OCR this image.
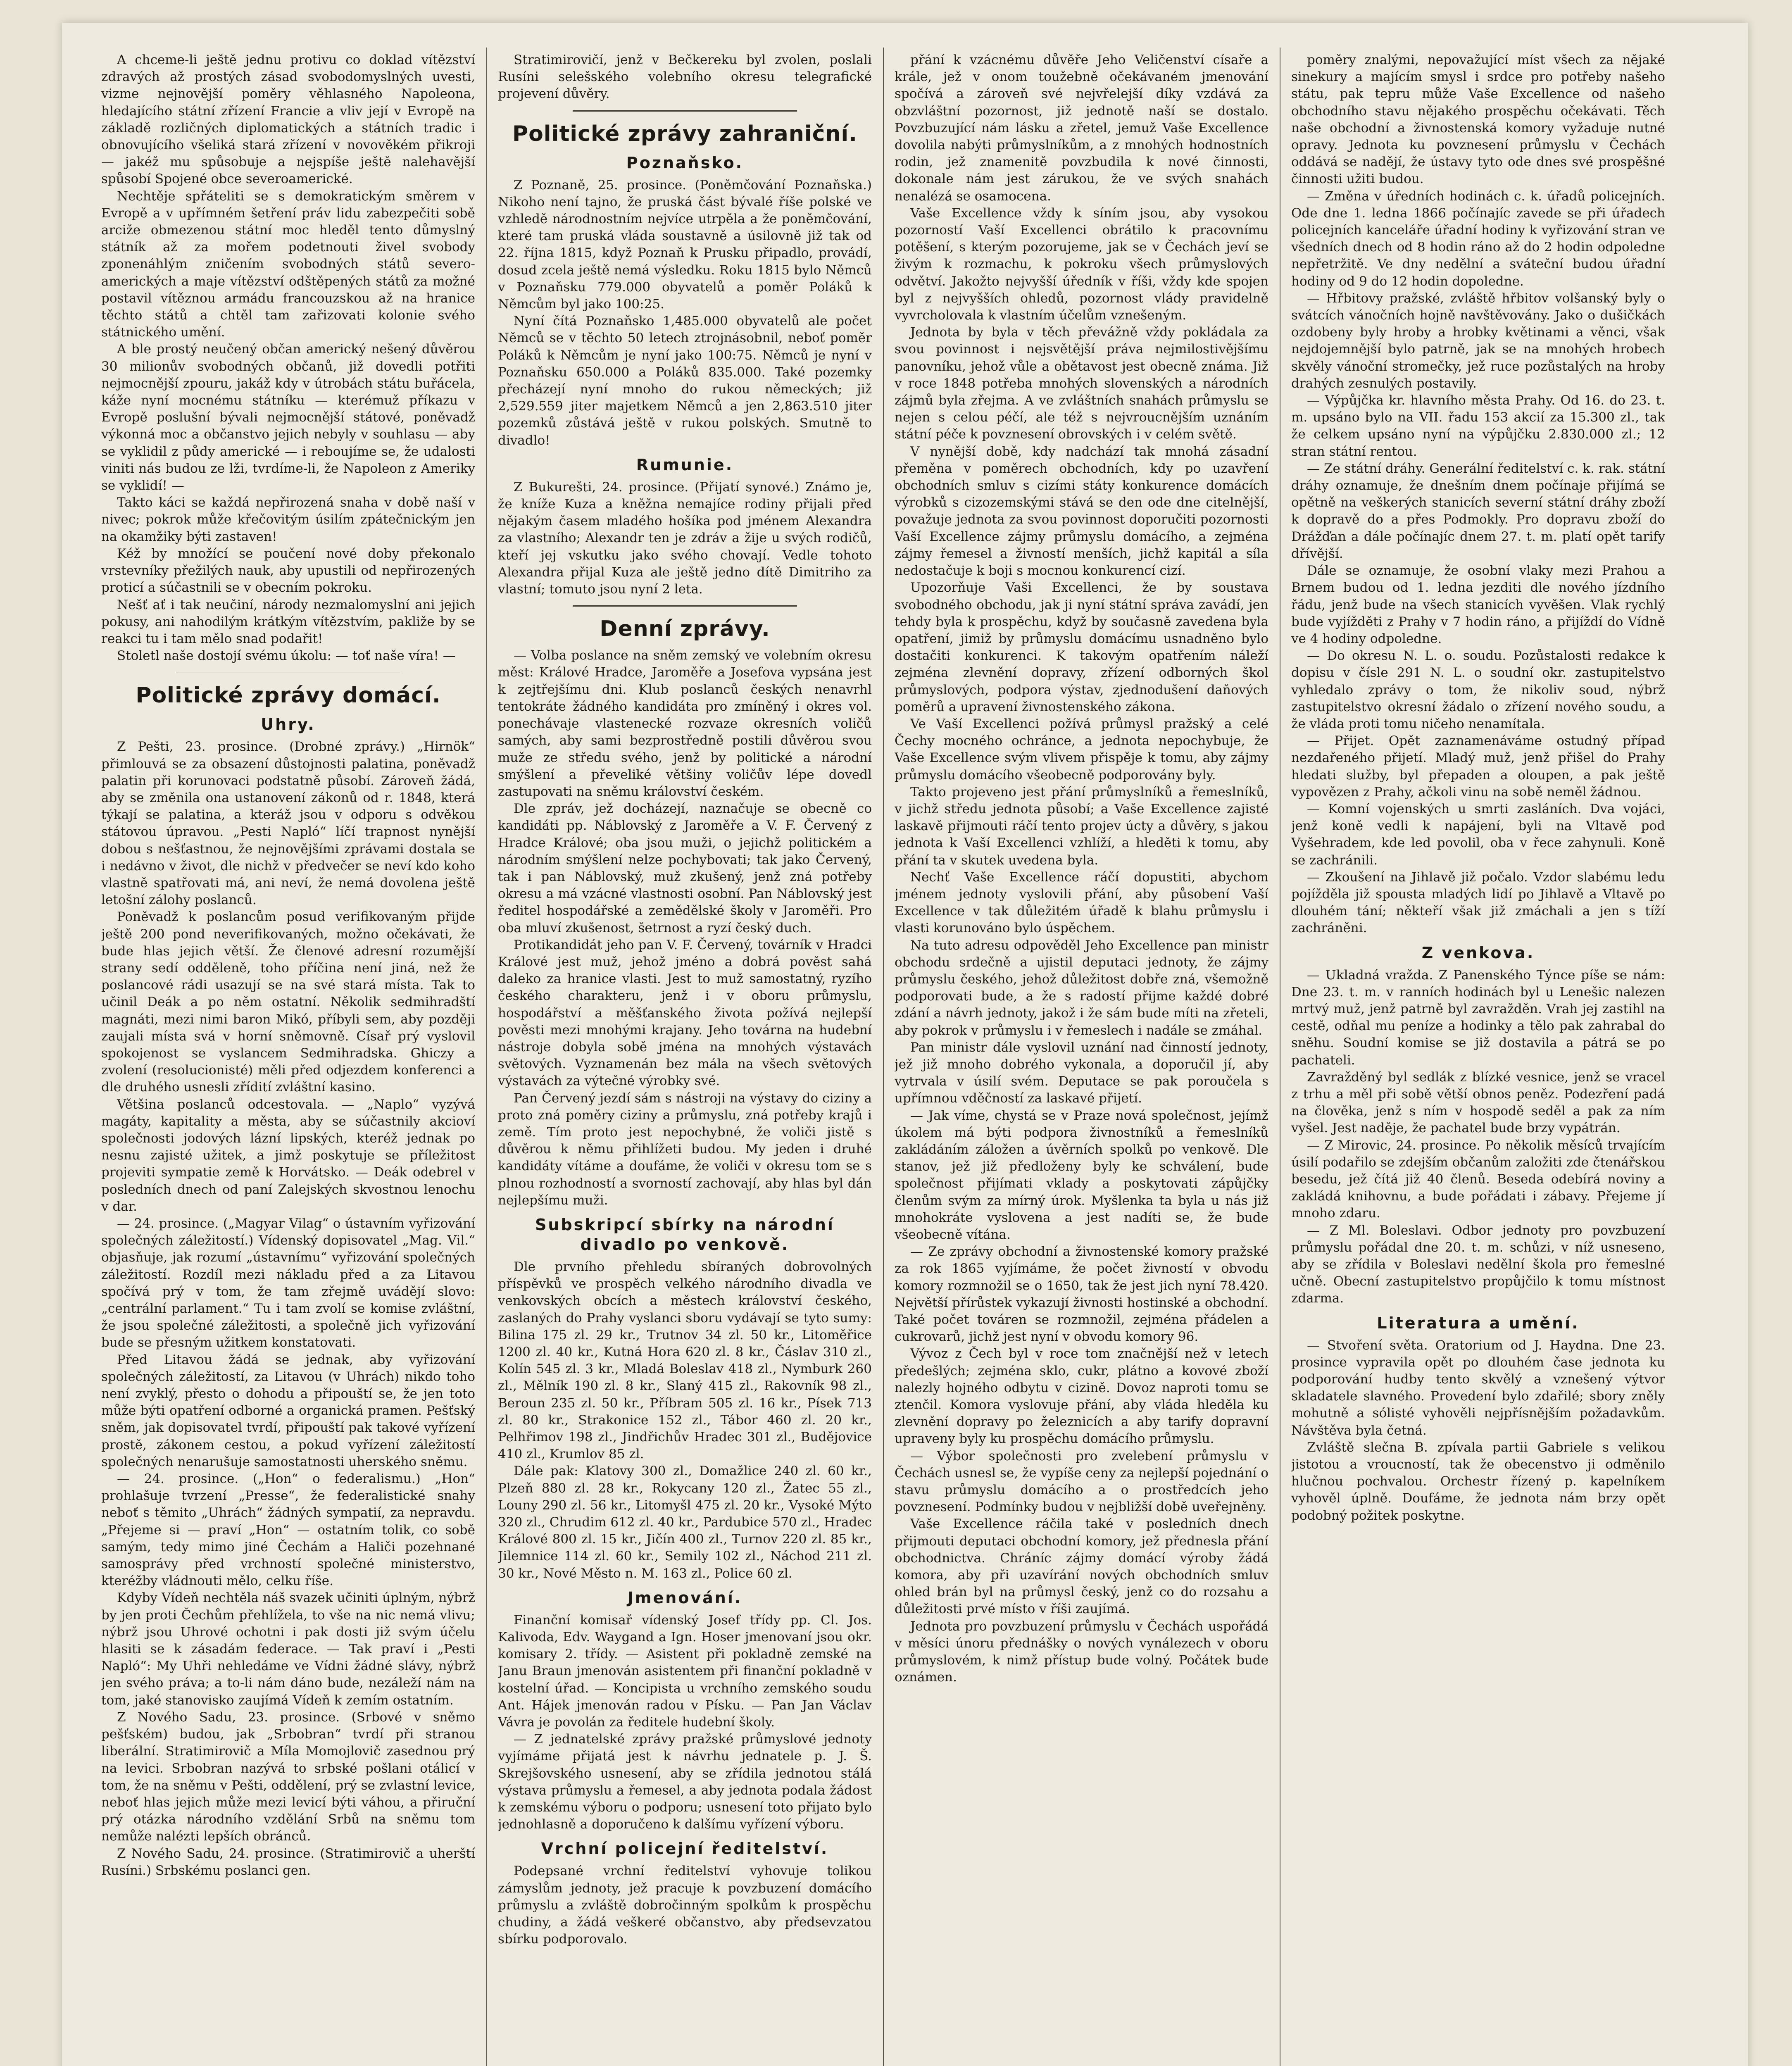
A chceme-li ještě jednu protivu co doklad vítězství zdravých až prostých zásad svobodomyslných uvesti, vizme nejnovější poměry věhlasného Napoleona, hledajícího státní zřízení Francie a vliv její v Evropě na základě rozličných diplomatických a státních tradic i obnovujícího všeliká stará zřízení v novověkém přikroji — jakéž mu spůsobuje a nejspíše ještě nalehavější spůsobí Spojené obce severoamerické.

Nechtěje spřáteliti se s demokratickým směrem v Evropě a v upřímném šetření práv lidu zabezpečiti sobě arciže obmezenou státní moc hleděl tento důmyslný státník až za mořem podetnouti živel svobody zponenáhlým zničením svobodných států severo-amerických a maje vítězství odštěpených států za možné postavil vítěznou armádu francouzskou až na hranice těchto států a chtěl tam zařizovati kolonie svého státnického umění.

A ble prostý neučený občan americký nešený důvěrou 30 milionův svobodných občanů, již dovedli potřiti nejmocnější zpouru, jakáž kdy v útrobách státu buřácela, káže nyní mocnému státníku — kterémuž příkazu v Evropě poslušní bývali nejmocnější státové, poněvadž výkonná moc a občanstvo jejich nebyly v souhlasu — aby se vyklidil z půdy americké — i reboujíme se, že udalosti viniti nás budou ze lži, tvrdíme-li, že Napoleon z Ameriky se vyklidí! —

Takto káci se každá nepřirozená snaha v době naší v nivec; pokrok může křečovitým úsilím zpátečnickým jen na okamžiky býti zastaven!

Kéž by množící se poučení nové doby překonalo vrstevníky přežilých nauk, aby upustili od nepřirozených proticí a súčastnili se v obecním pokroku.

Nešť ať i tak neučiní, národy nezmalomyslní ani jejich pokusy, ani nahodilým krátkým vítězstvím, pakliže by se reakci tu i tam mělo snad podařit!

Stoletl naše dostojí svému úkolu: — toť naše víra! —

Politické zprávy domácí.
Uhry.

Z Pešti, 23. prosince. (Drobné zprávy.) „Hirnök“ přimlouvá se za obsazení důstojnosti palatina, poněvadž palatin při korunovaci podstatně působí. Zároveň žádá, aby se změnila ona ustanovení zákonů od r. 1848, která týkají se palatina, a kteráž jsou v odporu s odvěkou státovou úpravou. „Pesti Napló“ líčí trapnost nynější dobou s nešťastnou, že nejnovějšími zprávami dostala se i nedávno v život, dle nichž v předvečer se neví kdo koho vlastně spatřovati má, ani neví, že nemá dovolena ještě letošní zálohy poslanců.

Poněvadž k poslancům posud verifikovaným přijde ještě 200 pond neverifikovaných, možno očekávati, že bude hlas jejich větší. Že členové adresní rozumější strany sedí odděleně, toho příčina není jiná, než že poslancové rádi usazují se na své stará místa. Tak to učinil Deák a po něm ostatní. Několik sedmihradští magnáti, mezi nimi baron Mikó, příbyli sem, aby později zaujali místa svá v horní sněmovně. Císař prý vyslovil spokojenost se vyslancem Sedmihradska. Ghiczy a zvolení (resolucionisté) měli před odjezdem konferenci a dle druhého usnesli zřídití zvláštní kasino.

Většina poslanců odcestovala. — „Naplo“ vyzývá magáty, kapitality a města, aby se súčastnily akcioví společnosti jodových lázní lipských, kteréž jednak po nesnu zajisté užitek, a jimž poskytuje se příležitost projeviti sympatie země k Horvátsko. — Deák odebrel v posledních dnech od paní Zalejských skvostnou lenochu v dar.

— 24. prosince. („Magyar Vilag“ o ústavním vyřizování společných záležitostí.) Vídenský dopisovatel „Mag. Vil.“ objasňuje, jak rozumí „ústavnímu“ vyřizování společných záležitostí. Rozdíl mezi nákladu před a za Litavou spočívá prý v tom, že tam zřejmě uvádějí slovo: „centrální parlament.“ Tu i tam zvolí se komise zvláštní, že jsou společné záležitosti, a společně jich vyřizování bude se přesným užitkem konstatovati.

Před Litavou žádá se jednak, aby vyřizování společných záležitostí, za Litavou (v Uhrách) nikdo toho není zvyklý, přesto o dohodu a připouští se, že jen toto může býti opatření odborné a organická pramen. Pešťský sněm, jak dopisovatel tvrdí, připouští pak takové vyřízení prostě, zákonem cestou, a pokud vyřízení záležitostí společných nenarušuje samostatnosti uherského sněmu.

— 24. prosince. („Hon“ o federalismu.) „Hon“ prohlašuje tvrzení „Presse“, že federalistické snahy neboť s těmito „Uhrách“ žádných sympatií, za nepravdu. „Přejeme si — praví „Hon“ — ostatním tolik, co sobě samým, tedy mimo jiné Čechám a Haliči pozehnané samosprávy před vrchností společné ministerstvo, kteréžby vládnouti mělo, celku říše.

Kdyby Vídeň nechtěla náš svazek učiniti úplným, nýbrž by jen proti Čechům přehlížela, to vše na nic nemá vlivu; nýbrž jsou Uhrové ochotni i pak dosti již svým účelu hlasiti se k zásadám federace. — Tak praví i „Pesti Napló“: My Uhři nehledáme ve Vídni žádné slávy, nýbrž jen svého práva; a to-li nám dáno bude, nezáleží nám na tom, jaké stanovisko zaujímá Vídeň k zemím ostatním.

Z Nového Sadu, 23. prosince. (Srbové v sněmo pešťském) budou, jak „Srbobran“ tvrdí při stranou liberální. Stratimirovič a Míla Momojlovič zasednou prý na levici. Srbobran nazývá to srbské pošlani otálicí v tom, že na sněmu v Pešti, oddělení, prý se zvlastní levice, neboť hlas jejich může mezi levicí býti váhou, a přiruční prý otázka národního vzdělání Srbů na sněmu tom nemůže nalézti lepších obránců.

Z Nového Sadu, 24. prosince. (Stratimirovič a uherští Rusíni.) Srbskému poslanci gen.

Stratimirovičí, jenž v Bečkereku byl zvolen, poslali Rusíni selešského volebního okresu telegrafické projevení důvěry.

Politické zprávy zahraniční.
Poznaňsko.

Z Poznaně, 25. prosince. (Poněmčování Poznaňska.) Nikoho není tajno, že pruská část bývalé říše polské ve vzhledě národnostním nejvíce utrpěla a že poněmčování, které tam pruská vláda soustavně a úsilovně již tak od 22. října 1815, když Poznaň k Prusku připadlo, provádí, dosud zcela ještě nemá výsledku. Roku 1815 bylo Němců v Poznaňsku 779.000 obyvatelů a poměr Poláků k Němcům byl jako 100:25.

Nyní čítá Poznaňsko 1,485.000 obyvatelů ale počet Němců se v těchto 50 letech ztrojnásobnil, neboť poměr Poláků k Němcům je nyní jako 100:75. Němců je nyní v Poznaňsku 650.000 a Poláků 835.000. Také pozemky přecházejí nyní mnoho do rukou německých; již 2,529.559 jiter majetkem Němců a jen 2,863.510 jiter pozemků zůstává ještě v rukou polských. Smutně to divadlo!

Rumunie.

Z Bukurešti, 24. prosince. (Přijatí synové.) Známo je, že kníže Kuza a kněžna nemajíce rodiny přijali před nějakým časem mladého hošíka pod jménem Alexandra za vlastního; Alexandr ten je zdráv a žije u svých rodičů, kteří jej vskutku jako svého chovají. Vedle tohoto Alexandra přijal Kuza ale ještě jedno dítě Dimitriho za vlastní; tomuto jsou nyní 2 leta.

Denní zprávy.

— Volba poslance na sněm zemský ve volebním okresu měst: Králové Hradce, Jaroměře a Josefova vypsána jest k zejtřejšímu dni. Klub poslanců českých nenavrhl tentokráte žádného kandidáta pro zmíněný i okres vol. ponechávaje vlastenecké rozvaze okresních voličů samých, aby sami bezprostředně postili důvěrou svou muže ze středu svého, jenž by politické a národní smýšlení a převeliké většiny voličův lépe dovedl zastupovati na sněmu království českém.

Dle zpráv, jež docházejí, naznačuje se obecně co kandidáti pp. Náblovský z Jaroměře a V. F. Červený z Hradce Králové; oba jsou muži, o jejichž politickém a národním smýšlení nelze pochybovati; tak jako Červený, tak i pan Náblovský, muž zkušený, jenž zná potřeby okresu a má vzácné vlastnosti osobní. Pan Náblovský jest ředitel hospodářské a zemědělské školy v Jaroměři. Pro oba mluví zkušenost, šetrnost a ryzí český duch.

Protikandidát jeho pan V. F. Červený, továrník v Hradci Králové jest muž, jehož jméno a dobrá pověst sahá daleko za hranice vlasti. Jest to muž samostatný, ryzího českého charakteru, jenž i v oboru průmyslu, hospodářství a měšťanského života požívá nejlepší pověsti mezi mnohými krajany. Jeho továrna na hudební nástroje dobyla sobě jména na mnohých výstavách světových. Vyznamenán bez mála na všech světových výstavách za výtečné výrobky své.

Pan Červený jezdí sám s nástroji na výstavy do ciziny a proto zná poměry ciziny a průmyslu, zná potřeby krajů i země. Tím proto jest nepochybné, že voliči jistě s důvěrou k němu přihlížeti budou. My jeden i druhé kandidáty vítáme a doufáme, že voliči v okresu tom se s plnou rozhodností a svorností zachovají, aby hlas byl dán nejlepšímu muži.

Subskripcí sbírky na národní divadlo po venkově.

Dle prvního přehledu sbíraných dobrovolných příspěvků ve prospěch velkého národního divadla ve venkovských obcích a městech království českého, zaslaných do Prahy vyslanci sboru vydávají se tyto sumy: Bilina 175 zl. 29 kr., Trutnov 34 zl. 50 kr., Litoměřice 1200 zl. 40 kr., Kutná Hora 620 zl. 8 kr., Čáslav 310 zl., Kolín 545 zl. 3 kr., Mladá Boleslav 418 zl., Nymburk 260 zl., Mělník 190 zl. 8 kr., Slaný 415 zl., Rakovník 98 zl., Beroun 235 zl. 50 kr., Příbram 505 zl. 16 kr., Písek 713 zl. 80 kr., Strakonice 152 zl., Tábor 460 zl. 20 kr., Pelhřimov 198 zl., Jindřichův Hradec 301 zl., Budějovice 410 zl., Krumlov 85 zl.

Dále pak: Klatovy 300 zl., Domažlice 240 zl. 60 kr., Plzeň 880 zl. 28 kr., Rokycany 120 zl., Žatec 55 zl., Louny 290 zl. 56 kr., Litomyšl 475 zl. 20 kr., Vysoké Mýto 320 zl., Chrudim 612 zl. 40 kr., Pardubice 570 zl., Hradec Králové 800 zl. 15 kr., Jičín 400 zl., Turnov 220 zl. 85 kr., Jilemnice 114 zl. 60 kr., Semily 102 zl., Náchod 211 zl. 30 kr., Nové Město n. M. 163 zl., Police 60 zl.

Jmenování.

Finanční komisař vídenský Josef třídy pp. Cl. Jos. Kalivoda, Edv. Waygand a Ign. Hoser jmenovaní jsou okr. komisary 2. třídy. — Asistent při pokladně zemské na Janu Braun jmenován asistentem při finanční pokladně v kostelní úřad. — Koncipista u vrchního zemského soudu Ant. Hájek jmenován radou v Písku. — Pan Jan Václav Vávra je povolán za ředitele hudební školy.

— Z jednatelské zprávy pražské průmyslové jednoty vyjímáme přijatá jest k návrhu jednatele p. J. Š. Skrejšovského usnesení, aby se zřídila jednotou stálá výstava průmyslu a řemesel, a aby jednota podala žádost k zemskému výboru o podporu; usnesení toto přijato bylo jednohlasně a doporučeno k dalšímu vyřízení výboru.

Vrchní policejní ředitelství.

Podepsané vrchní ředitelství vyhovuje tolikou zámyslům jednoty, jež pracuje k povzbuzení domácího průmyslu a zvláště dobročinným spolkům k prospěchu chudiny, a žádá veškeré občanstvo, aby předsevzatou sbírku podporovalo.

přání k vzácnému důvěře Jeho Veličenství císaře a krále, jež v onom toužebně očekávaném jmenování spočívá a zároveň své nejvřelejší díky vzdává za obzvláštní pozornost, již jednotě naší se dostalo. Povzbuzující nám lásku a zřetel, jemuž Vaše Excellence dovolila nabýti průmyslníkům, a z mnohých hodnostních rodin, jež znamenitě povzbudila k nové činnosti, dokonale nám jest zárukou, že ve svých snahách nenalézá se osamocena.

Vaše Excellence vždy k síním jsou, aby vysokou pozorností Vaší Excellenci obrátilo k pracovnímu potěšení, s kterým pozorujeme, jak se v Čechách jeví se živým k rozmachu, k pokroku všech průmyslových odvětví. Jakožto nejvyšší úředník v říši, vždy kde spojen byl z nejvyšších ohledů, pozornost vlády pravidelně vyvrcholovala k vlastním účelům vznešeným.

Jednota by byla v těch převážně vždy pokládala za svou povinnost i nejsvětější práva nejmilostivějšímu panovníku, jehož vůle a obětavost jest obecně známa. Již v roce 1848 potřeba mnohých slovenských a národních zájmů byla zřejma. A ve zvláštních snahách průmyslu se nejen s celou péčí, ale též s nejvroucnějším uznáním státní péče k povznesení obrovských i v celém světě.

V nynější době, kdy nadchází tak mnohá zásadní přeměna v poměrech obchodních, kdy po uzavření obchodních smluv s cizími státy konkurence domácích výrobků s cizozemskými stává se den ode dne citelnější, považuje jednota za svou povinnost doporučiti pozornosti Vaší Excellence zájmy průmyslu domácího, a zejména zájmy řemesel a živností menších, jichž kapitál a síla nedostačuje k boji s mocnou konkurencí cizí.

Upozorňuje Vaši Excellenci, že by soustava svobodného obchodu, jak ji nyní státní správa zavádí, jen tehdy byla k prospěchu, když by současně zavedena byla opatření, jimiž by průmyslu domácímu usnadněno bylo dostačiti konkurenci. K takovým opatřením náleží zejména zlevnění dopravy, zřízení odborných škol průmyslových, podpora výstav, zjednodušení daňových poměrů a upravení živnostenského zákona.

Ve Vaší Excellenci požívá průmysl pražský a celé Čechy mocného ochránce, a jednota nepochybuje, že Vaše Excellence svým vlivem přispěje k tomu, aby zájmy průmyslu domácího všeobecně podporovány byly.

Takto projeveno jest přání průmyslníků a řemeslníků, v jichž středu jednota působí; a Vaše Excellence zajisté laskavě přijmouti ráčí tento projev úcty a důvěry, s jakou jednota k Vaší Excellenci vzhlíží, a hleděti k tomu, aby přání ta v skutek uvedena byla.

Nechť Vaše Excellence ráčí dopustiti, abychom jménem jednoty vyslovili přání, aby působení Vaší Excellence v tak důležitém úřadě k blahu průmyslu i vlasti korunováno bylo úspěchem.

Na tuto adresu odpověděl Jeho Excellence pan ministr obchodu srdečně a ujistil deputaci jednoty, že zájmy průmyslu českého, jehož důležitost dobře zná, všemožně podporovati bude, a že s radostí přijme každé dobré zdání a návrh jednoty, jakož i že sám bude míti na zřeteli, aby pokrok v průmyslu i v řemeslech i nadále se zmáhal.

Pan ministr dále vyslovil uznání nad činností jednoty, jež již mnoho dobrého vykonala, a doporučil jí, aby vytrvala v úsilí svém. Deputace se pak poroučela s upřímnou vděčností za laskavé přijetí.

— Jak víme, chystá se v Praze nová společnost, jejímž úkolem má býti podpora živnostníků a řemeslníků zakládáním záložen a úvěrních spolků po venkově. Dle stanov, jež již předloženy byly ke schválení, bude společnost přijímati vklady a poskytovati zápůjčky členům svým za mírný úrok. Myšlenka ta byla u nás již mnohokráte vyslovena a jest nadíti se, že bude všeobecně vítána.

— Ze zprávy obchodní a živnostenské komory pražské za rok 1865 vyjímáme, že počet živností v obvodu komory rozmnožil se o 1650, tak že jest jich nyní 78.420. Největší přírůstek vykazují živnosti hostinské a obchodní. Také počet továren se rozmnožil, zejména přádelen a cukrovarů, jichž jest nyní v obvodu komory 96.

Vývoz z Čech byl v roce tom značnější než v letech předešlých; zejména sklo, cukr, plátno a kovové zboží nalezly hojného odbytu v cizině. Dovoz naproti tomu se ztenčil. Komora vyslovuje přání, aby vláda hleděla ku zlevnění dopravy po železnicích a aby tarify dopravní upraveny byly ku prospěchu domácího průmyslu.

— Výbor společnosti pro zvelebení průmyslu v Čechách usnesl se, že vypíše ceny za nejlepší pojednání o stavu průmyslu domácího a o prostředcích jeho povznesení. Podmínky budou v nejbližší době uveřejněny.

Vaše Excellence ráčila také v posledních dnech přijmouti deputaci obchodní komory, jež přednesla přání obchodnictva. Chráníc zájmy domácí výroby žádá komora, aby při uzavírání nových obchodních smluv ohled brán byl na průmysl český, jenž co do rozsahu a důležitosti prvé místo v říši zaujímá.

Jednota pro povzbuzení průmyslu v Čechách uspořádá v měsíci únoru přednášky o nových vynálezech v oboru průmyslovém, k nimž přístup bude volný. Počátek bude oznámen.

poměry znalými, nepovažující míst všech za nějaké sinekury a majícím smysl i srdce pro potřeby našeho státu, pak tepru může Vaše Excellence od našeho obchodního stavu nějakého prospěchu očekávati. Těch naše obchodní a živnostenská komory vyžaduje nutné opravy. Jednota ku povznesení průmyslu v Čechách oddává se nadějí, že ústavy tyto ode dnes své prospěšné činnosti užiti budou.

— Změna v úředních hodinách c. k. úřadů policejních. Ode dne 1. ledna 1866 počínajíc zavede se při úřadech policejních kanceláře úřadní hodiny k vyřizování stran ve všedních dnech od 8 hodin ráno až do 2 hodin odpoledne nepřetržitě. Ve dny nedělní a sváteční budou úřadní hodiny od 9 do 12 hodin dopoledne.

— Hřbitovy pražské, zvláště hřbitov volšanský byly o svátcích vánočních hojně navštěvovány. Jako o dušičkách ozdobeny byly hroby a hrobky květinami a věnci, však nejdojemnější bylo patrně, jak se na mnohých hrobech skvěly vánoční stromečky, jež ruce pozůstalých na hroby drahých zesnulých postavily.

— Výpůjčka kr. hlavního města Prahy. Od 16. do 23. t. m. upsáno bylo na VII. řadu 153 akcií za 15.300 zl., tak že celkem upsáno nyní na výpůjčku 2.830.000 zl.; 12 stran státní rentou.

— Ze státní dráhy. Generální ředitelství c. k. rak. státní dráhy oznamuje, že dnešním dnem počínaje přijímá se opětně na veškerých stanicích severní státní dráhy zboží k dopravě do a přes Podmokly. Pro dopravu zboží do Drážďan a dále počínajíc dnem 27. t. m. platí opět tarify dřívější.

Dále se oznamuje, že osobní vlaky mezi Prahou a Brnem budou od 1. ledna jezditi dle nového jízdního řádu, jenž bude na všech stanicích vyvěšen. Vlak rychlý bude vyjížděti z Prahy v 7 hodin ráno, a přijíždí do Vídně ve 4 hodiny odpoledne.

— Do okresu N. L. o. soudu. Pozůstalosti redakce k dopisu v čísle 291 N. L. o soudní okr. zastupitelstvo vyhledalo zprávy o tom, že nikoliv soud, nýbrž zastupitelstvo okresní žádalo o zřízení nového soudu, a že vláda proti tomu ničeho nenamítala.

— Přijet. Opět zaznamenáváme ostudný případ nezdařeného přijetí. Mladý muž, jenž přišel do Prahy hledati služby, byl přepaden a oloupen, a pak ještě vypovězen z Prahy, ačkoli vinu na sobě neměl žádnou.

— Komní vojenských u smrti zasláních. Dva vojáci, jenž koně vedli k napájení, byli na Vltavě pod Vyšehradem, kde led povolil, oba v řece zahynuli. Koně se zachránili.

— Zkoušení na Jihlavě již počalo. Vzdor slabému ledu pojížděla již spousta mladých lidí po Jihlavě a Vltavě po dlouhém tání; někteří však již zmáchali a jen s tíží zachráněni.

Z venkova.

— Ukladná vražda. Z Panenského Týnce píše se nám: Dne 23. t. m. v ranních hodinách byl u Lenešic nalezen mrtvý muž, jenž patrně byl zavražděn. Vrah jej zastihl na cestě, odňal mu peníze a hodinky a tělo pak zahrabal do sněhu. Soudní komise se již dostavila a pátrá se po pachateli.

Zavražděný byl sedlák z blízké vesnice, jenž se vracel z trhu a měl při sobě větší obnos peněz. Podezření padá na člověka, jenž s ním v hospodě seděl a pak za ním vyšel. Jest naděje, že pachatel bude brzy vypátrán.

— Z Mirovic, 24. prosince. Po několik měsíců trvajícím úsilí podařilo se zdejším občanům založiti zde čtenářskou besedu, jež čítá již 40 členů. Beseda odebírá noviny a zakládá knihovnu, a bude pořádati i zábavy. Přejeme jí mnoho zdaru.

— Z Ml. Boleslavi. Odbor jednoty pro povzbuzení průmyslu pořádal dne 20. t. m. schůzi, v níž usneseno, aby se zřídila v Boleslavi nedělní škola pro řemeslné učně. Obecní zastupitelstvo propůjčilo k tomu místnost zdarma.

Literatura a umění.

— Stvoření světa. Oratorium od J. Haydna. Dne 23. prosince vypravila opět po dlouhém čase jednota ku podporování hudby tento skvělý a vznešený výtvor skladatele slavného. Provedení bylo zdařilé; sbory zněly mohutně a sólisté vyhověli nejpřísnějším požadavkům. Návštěva byla četná.

Zvláště slečna B. zpívala partii Gabriele s velikou jistotou a vroucností, tak že obecenstvo ji odměnilo hlučnou pochvalou. Orchestr řízený p. kapelníkem vyhověl úplně. Doufáme, že jednota nám brzy opět podobný požitek poskytne.
